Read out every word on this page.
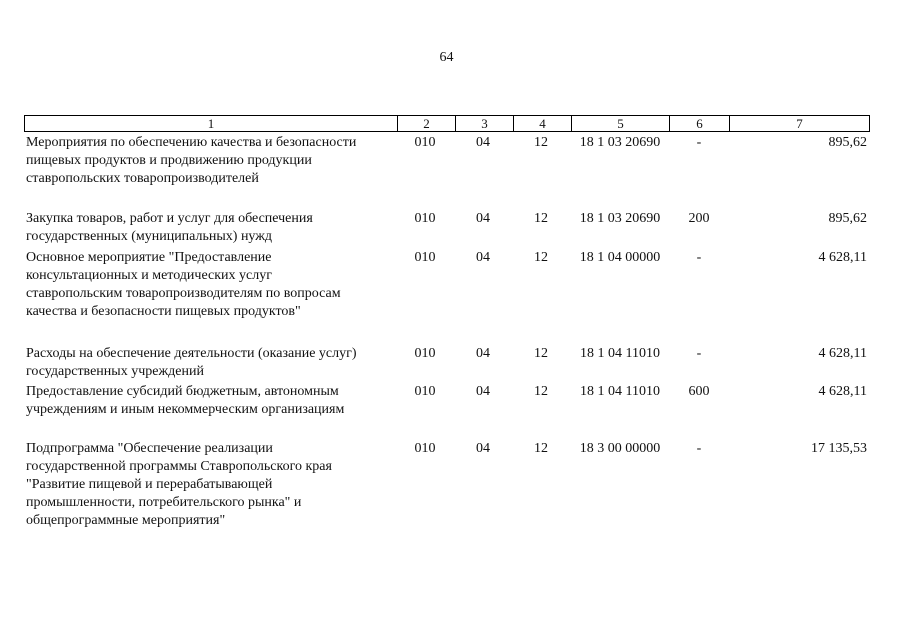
64
1	2	3	4	5	6	7
Мероприятия по обеспечению качества и безопасности
пищевых продуктов и продвижению продукции
ставропольских товаропроизводителей
010	04	12	18 1 03 20690	-	895,62
Закупка товаров, работ и услуг для обеспечения
государственных (муниципальных) нужд
010	04	12	18 1 03 20690	200	895,62
Основное мероприятие "Предоставление
консультационных и методических услуг
ставропольским товаропроизводителям по вопросам
качества и безопасности пищевых продуктов"
010	04	12	18 1 04 00000	-	4 628,11
Расходы на обеспечение деятельности (оказание услуг)
государственных учреждений
010	04	12	18 1 04 11010	-	4 628,11
Предоставление субсидий бюджетным, автономным
учреждениям и иным некоммерческим организациям
010	04	12	18 1 04 11010	600	4 628,11
Подпрограмма "Обеспечение реализации
государственной программы Ставропольского края
"Развитие пищевой и перерабатывающей
промышленности, потребительского рынка" и
общепрограммные мероприятия"
010	04	12	18 3 00 00000	-	17 135,53
